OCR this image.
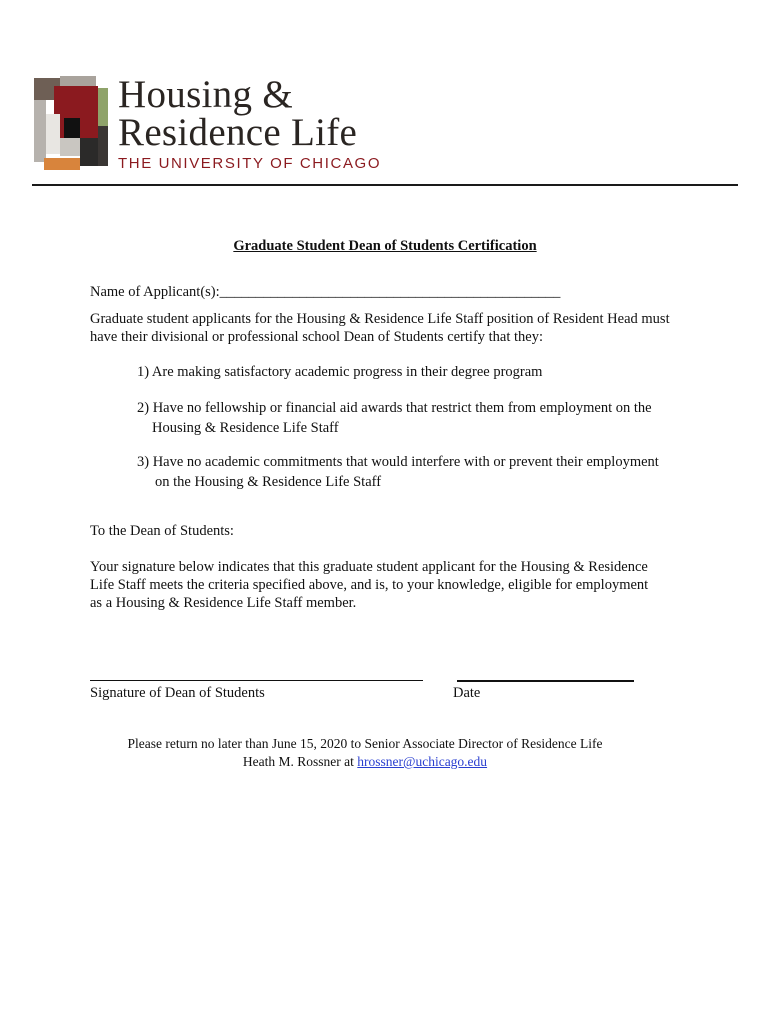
Housing &
Residence Life
THE UNIVERSITY OF CHICAGO
Graduate Student Dean of Students Certification
Name of Applicant(s):_______________________________________________
Graduate student applicants for the Housing & Residence Life Staff position of Resident Head must
have their divisional or professional school Dean of Students certify that they:
1) Are making satisfactory academic progress in their degree program
2) Have no fellowship or financial aid awards that restrict them from employment on the
Housing & Residence Life Staff
3) Have no academic commitments that would interfere with or prevent their employment
on the Housing & Residence Life Staff
To the Dean of Students:
Your signature below indicates that this graduate student applicant for the Housing & Residence
Life Staff meets the criteria specified above, and is, to your knowledge, eligible for employment
as a Housing & Residence Life Staff member.
Signature of Dean of Students	Date
Please return no later than June 15, 2020 to Senior Associate Director of Residence Life
Heath M. Rossner at hrossner@uchicago.edu
